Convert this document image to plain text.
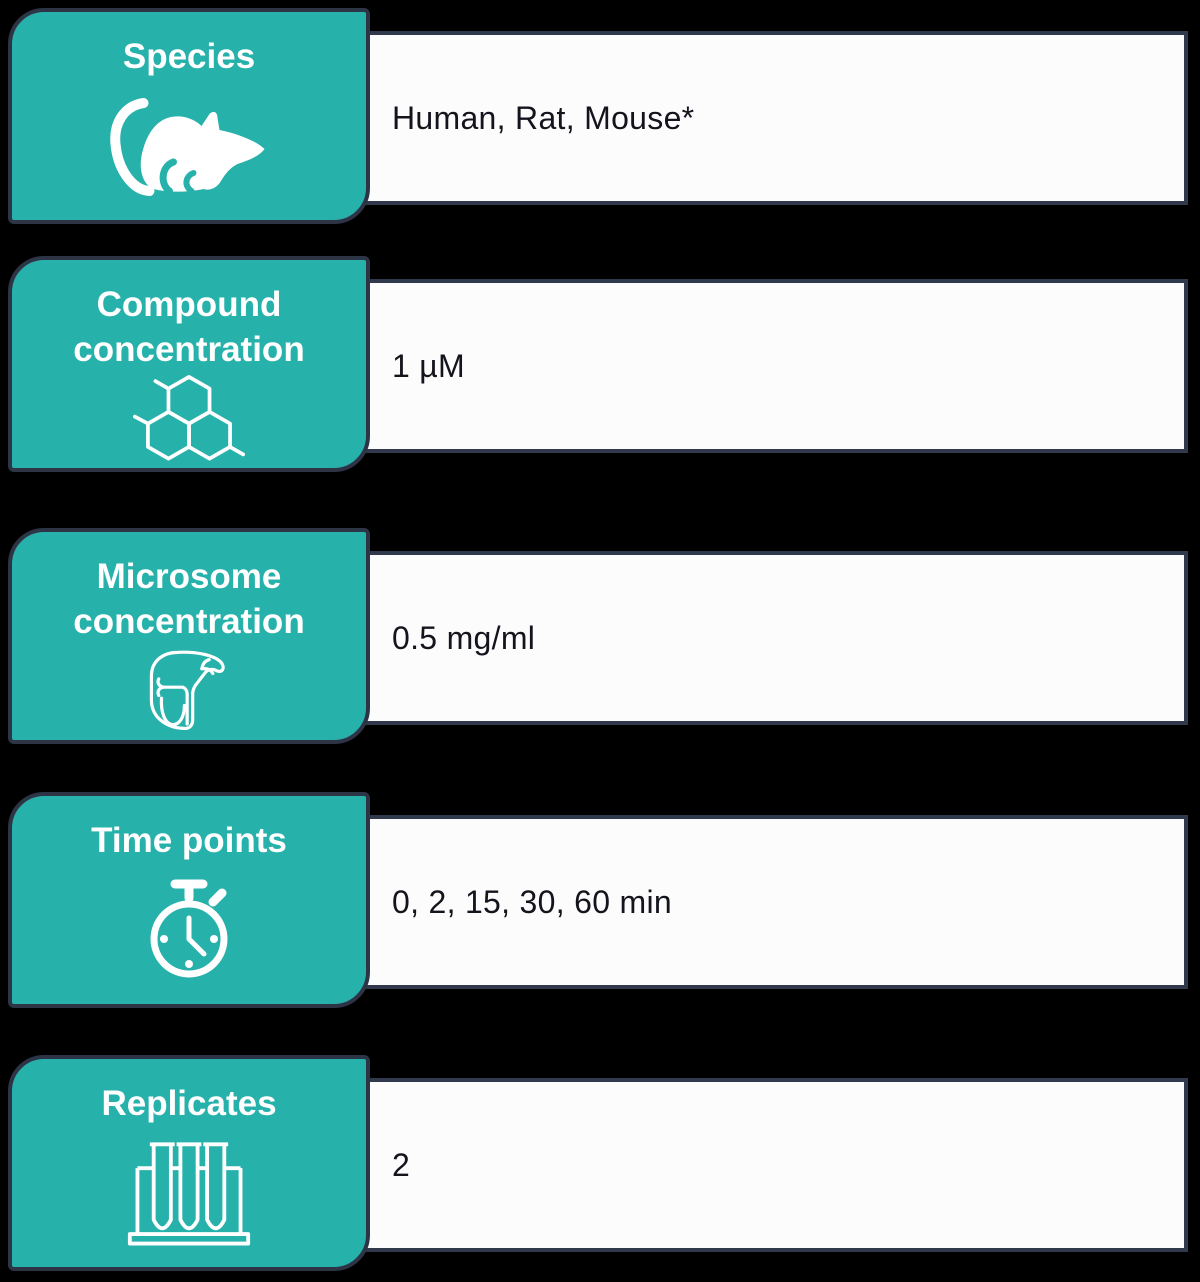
Human, Rat, Mouse*
Species
1 µM
Compound concentration
0.5 mg/ml
Microsome concentration
0, 2, 15, 30, 60 min
Time points
2
Replicates
